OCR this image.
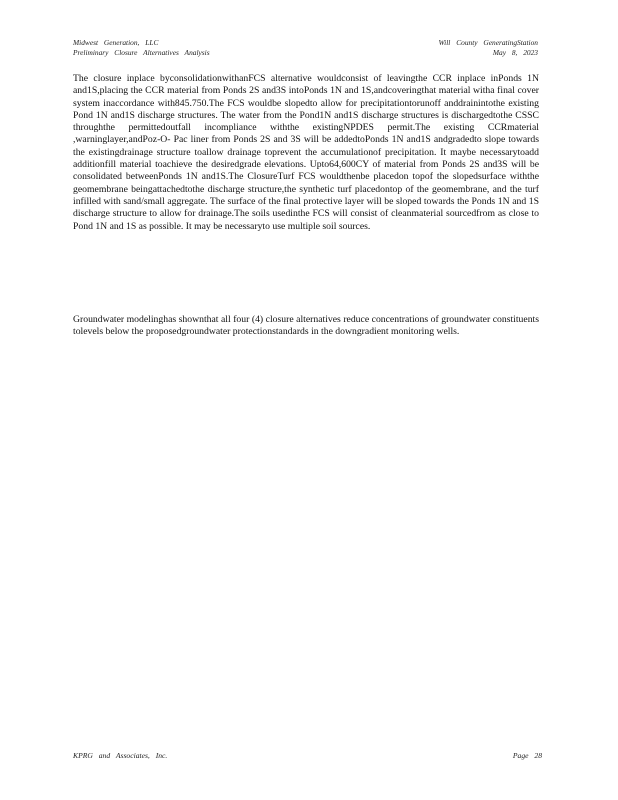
Midwest Generation, LLC
Preliminary Closure Alternatives Analysis
Will County GeneratingStation
May 8, 2023
The closure inplace byconsolidationwithanFCS alternative wouldconsist of leavingthe CCR inplace inPonds 1N and1S,placing the CCR material from Ponds 2S and3S intoPonds 1N and 1S,andcoveringthat material witha final cover system inaccordance with845.750.The FCS wouldbe slopedto allow for precipitationtorunoff anddrainintothe existing Pond 1N and1S discharge structures. The water from the Pond1N and1S discharge structures is dischargedtothe CSSC throughthe permittedoutfall incompliance withthe existingNPDES permit.The existing CCRmaterial ,warninglayer,andPoz-O- Pac liner from Ponds 2S and 3S will be addedtoPonds 1N and1S andgradedto slope towards the existingdrainage structure toallow drainage toprevent the accumulationof precipitation. It maybe necessarytoadd additionfill material toachieve the desiredgrade elevations. Upto64,600CY of material from Ponds 2S and3S will be consolidated betweenPonds 1N and1S.The ClosureTurf FCS wouldthenbe placedon topof the slopedsurface withthe geomembrane beingattachedtothe discharge structure,the synthetic turf placedontop of the geomembrane, and the turf infilled with sand/small aggregate. The surface of the final protective layer will be sloped towards the Ponds 1N and 1S discharge structure to allow for drainage.The soils usedinthe FCS will consist of cleanmaterial sourcedfrom as close to Pond 1N and 1S as possible. It may be necessaryto use multiple soil sources.
Groundwater modelinghas shownthat all four (4) closure alternatives reduce concentrations of groundwater constituents tolevels below the proposedgroundwater protectionstandards in the downgradient monitoring wells.
KPRG and Associates, Inc.	Page 28
